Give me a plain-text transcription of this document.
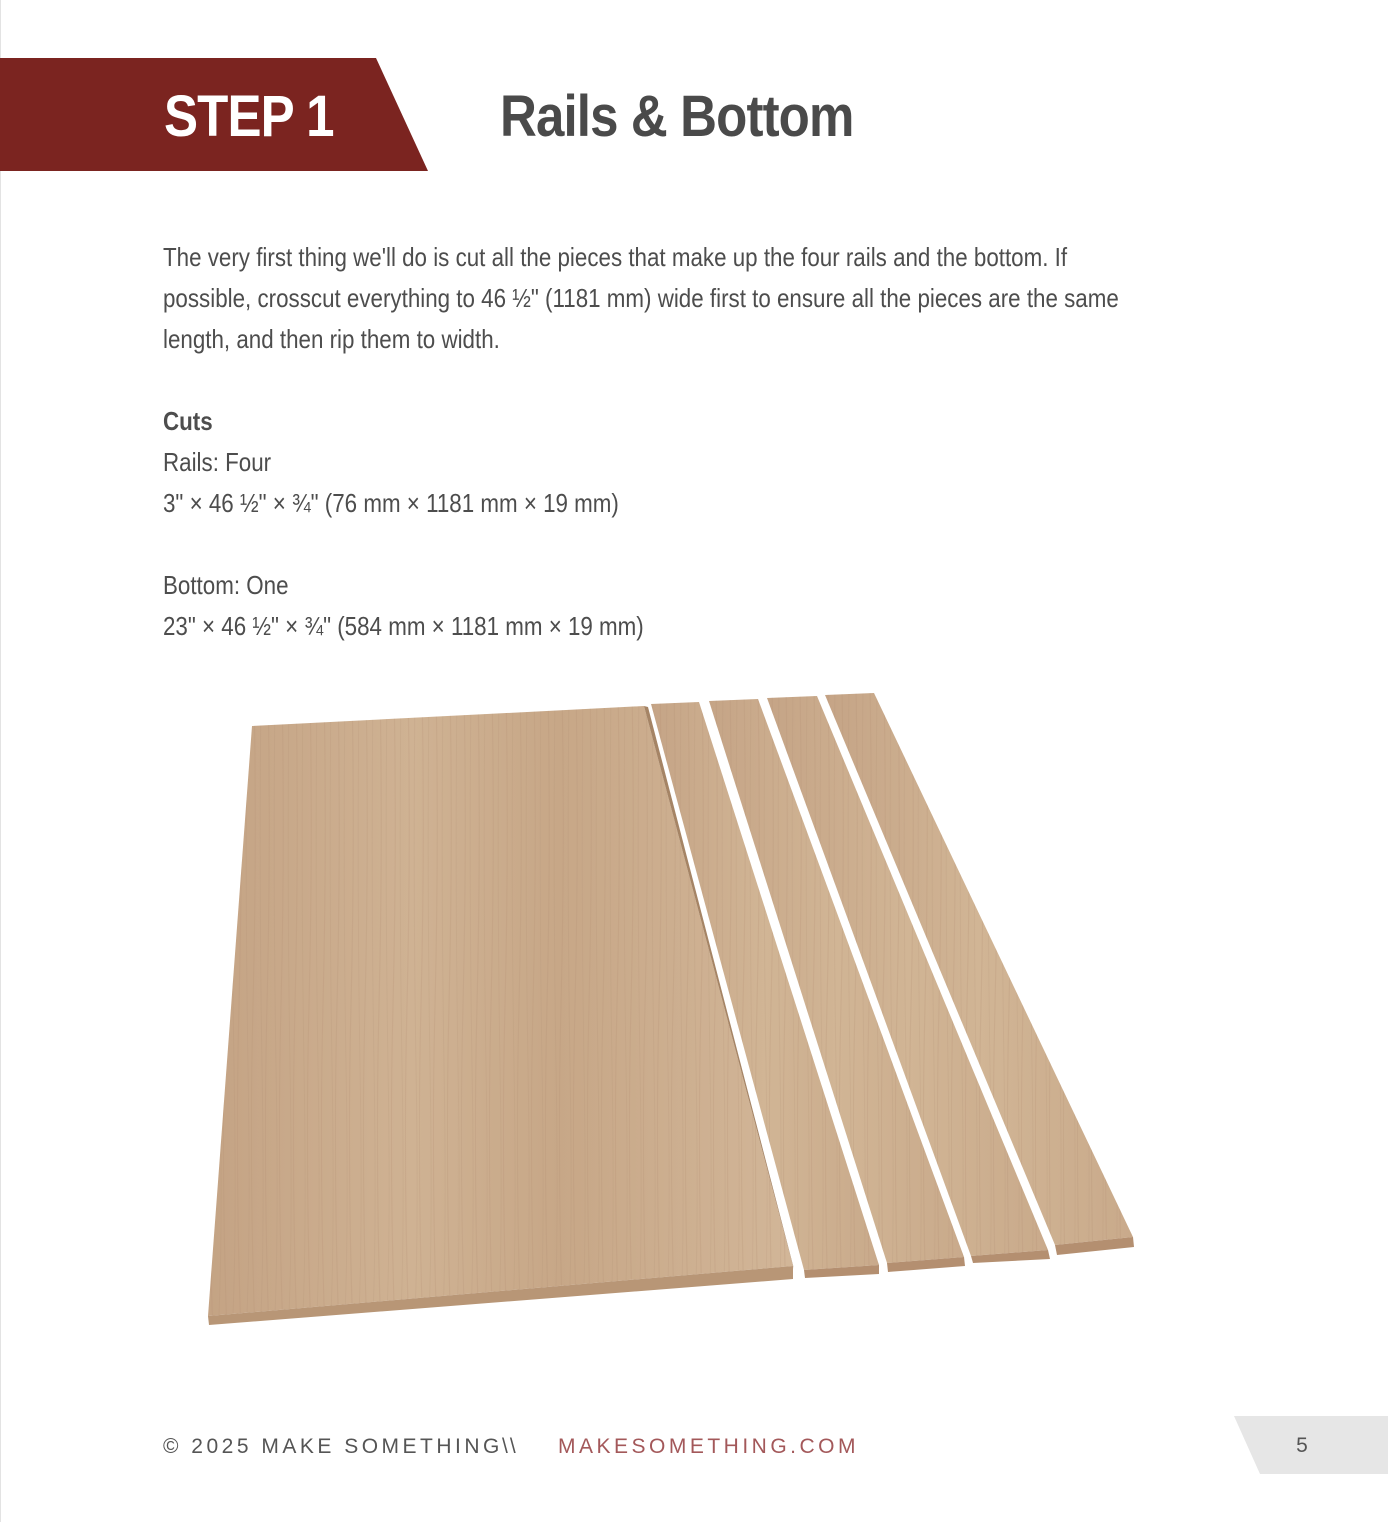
STEP 1	Rails & Bottom

The very first thing we'll do is cut all the pieces that make up the four rails and the bottom. If

possible, crosscut everything to 46 ½" (1181 mm) wide first to ensure all the pieces are the same

length, and then rip them to width.

Cuts
Rails: Four
3" × 46 ½" × ¾" (76 mm × 1181 mm × 19 mm)
Bottom: One
23" × 46 ½" × ¾" (584 mm × 1181 mm × 19 mm)
© 2025 MAKE SOMETHING \\ MAKESOMETHING.COM	5
